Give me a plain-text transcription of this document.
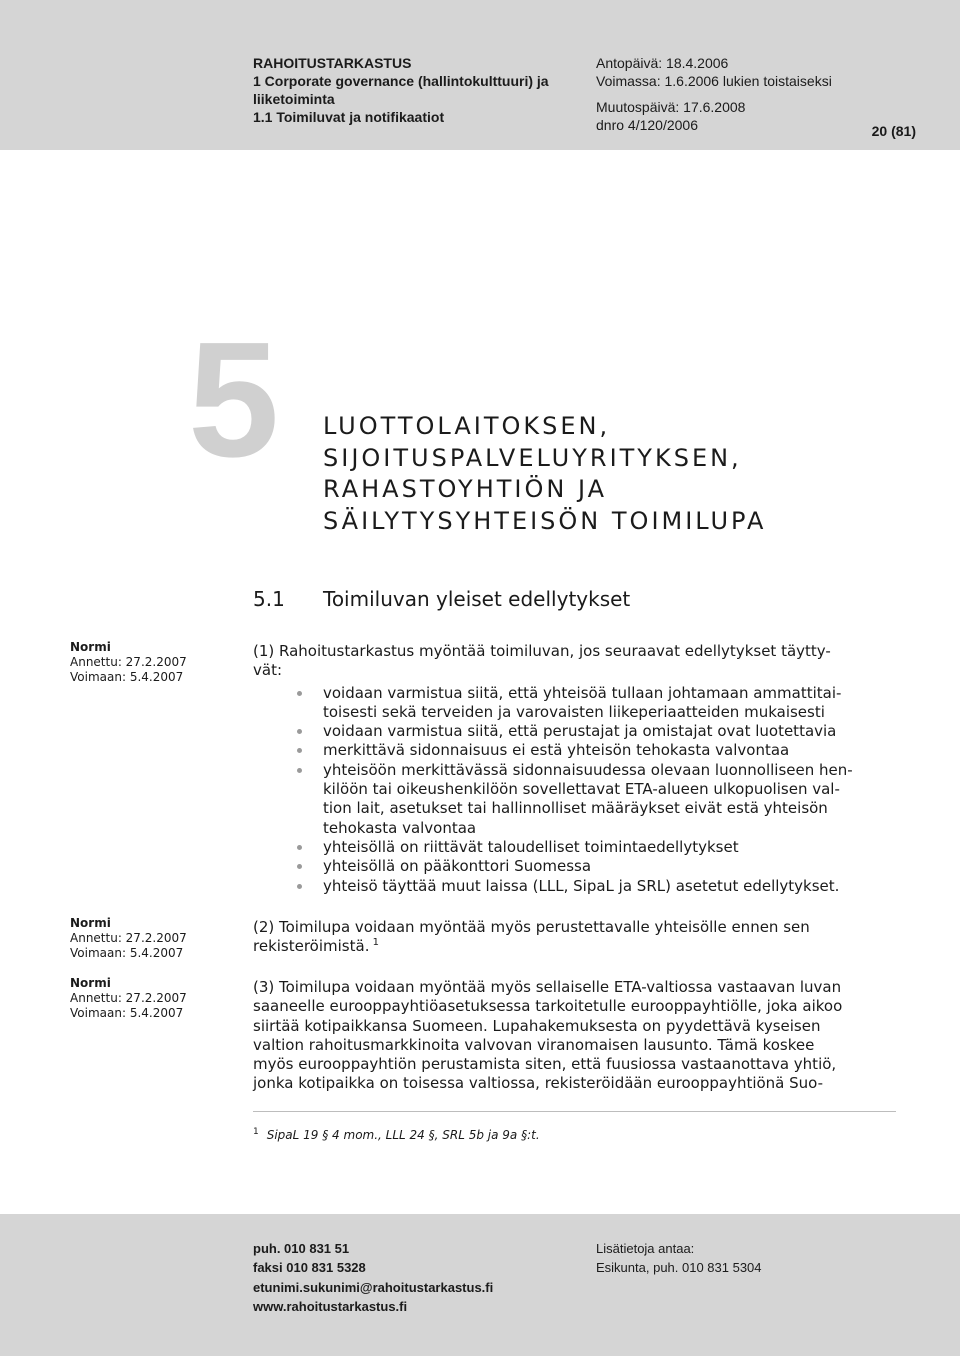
RAHOITUSTARKASTUS
1 Corporate governance (hallintokulttuuri) ja
liiketoiminta
1.1 Toimiluvat ja notifikaatiot
Antopäivä: 18.4.2006
Voimassa: 1.6.2006 lukien toistaiseksi
Muutospäivä: 17.6.2008
dnro 4/120/2006	20 (81)
5 LUOTTOLAITOKSEN,
SIJOITUSPALVELUYRITYKSEN,
RAHASTOYHTIÖN JA
SÄILYTYSYHTEISÖN TOIMILUPA
5.1 Toimiluvan yleiset edellytykset
Normi
Annettu: 27.2.2007
Voimaan: 5.4.2007
Normi
Annettu: 27.2.2007
Voimaan: 5.4.2007
Normi
Annettu: 27.2.2007
Voimaan: 5.4.2007
(1) Rahoitustarkastus myöntää toimiluvan, jos seuraavat edellytykset täytty-
vät:
voidaan varmistua siitä, että yhteisöä tullaan johtamaan ammattitai-
toisesti sekä terveiden ja varovaisten liikeperiaatteiden mukaisesti
voidaan varmistua siitä, että perustajat ja omistajat ovat luotettavia
merkittävä sidonnaisuus ei estä yhteisön tehokasta valvontaa
yhteisöön merkittävässä sidonnaisuudessa olevaan luonnolliseen hen-
kilöön tai oikeushenkilöön sovellettavat ETA-alueen ulkopuolisen val-
tion lait, asetukset tai hallinnolliset määräykset eivät estä yhteisön
tehokasta valvontaa
yhteisöllä on riittävät taloudelliset toimintaedellytykset
yhteisöllä on pääkonttori Suomessa
yhteisö täyttää muut laissa (LLL, SipaL ja SRL) asetetut edellytykset.
(2) Toimilupa voidaan myöntää myös perustettavalle yhteisölle ennen sen
rekisteröimistä. $^1$
(3) Toimilupa voidaan myöntää myös sellaiselle ETA-valtiossa vastaavan luvan
saaneelle eurooppayhtiöasetuksessa tarkoitetulle eurooppayhtiölle, joka aikoo
siirtää kotipaikkansa Suomeen. Lupahakemuksesta on pyydettävä kyseisen
valtion rahoitusmarkkinoita valvovan viranomaisen lausunto. Tämä koskee
myös eurooppayhtiön perustamista siten, että fuusiossa vastaanottava yhtiö,
jonka kotipaikka on toisessa valtiossa, rekisteröidään eurooppayhtiönä Suo-
$^1$ SipaL 19 § 4 mom., LLL 24 §, SRL 5b ja 9a §:t.
puh. 010 831 51
faksi 010 831 5328
etunimi.sukunimi@rahoitustarkastus.fi
www.rahoitustarkastus.fi
Lisätietoja antaa:
Esikunta, puh. 010 831 5304
